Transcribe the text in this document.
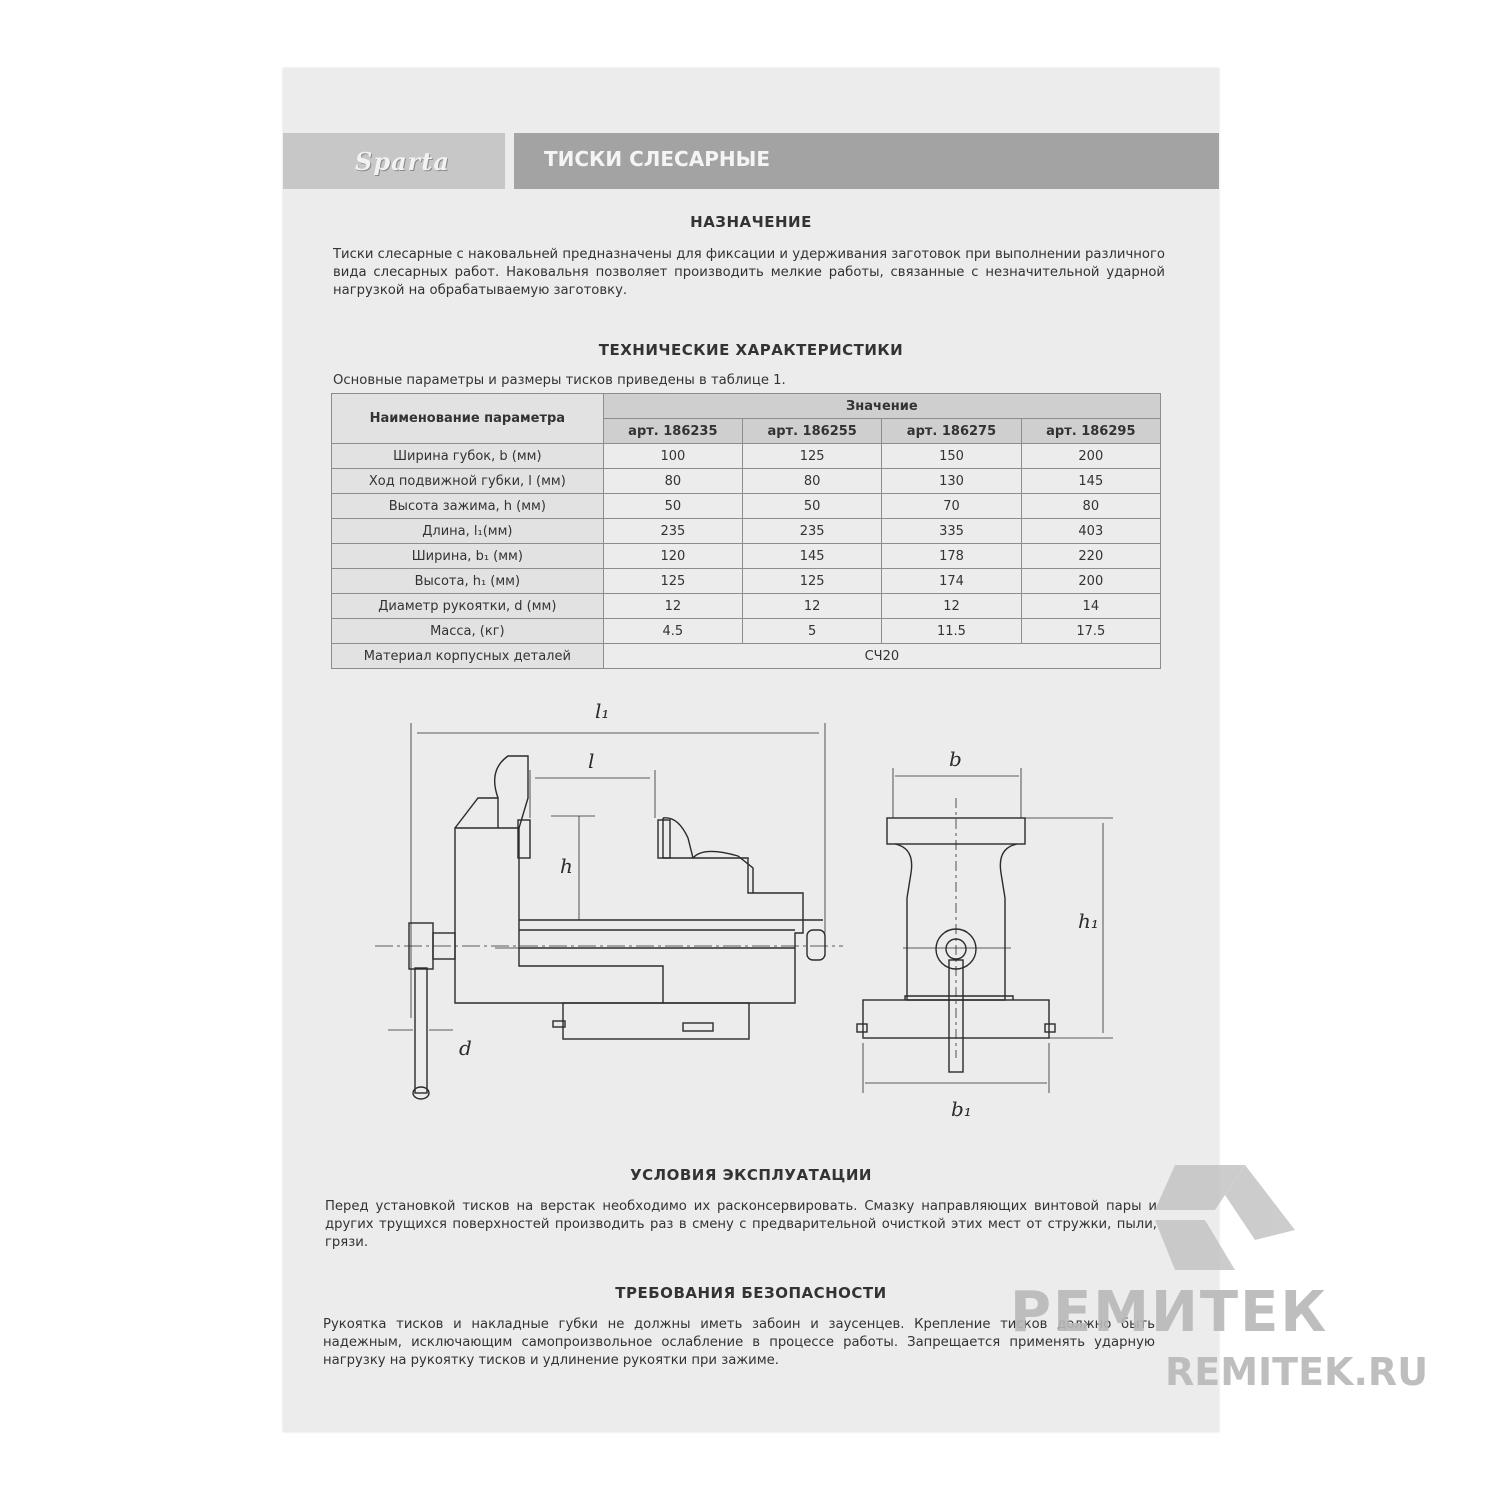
Sparta	ТИСКИ СЛЕСАРНЫЕ
НАЗНАЧЕНИЕ
Тиски слесарные с наковальней предназначены для фиксации и удерживания заготовок при выполнении различного вида слесарных работ. Наковальня позволяет производить мелкие работы, связанные с незначительной ударной нагрузкой на обрабатываемую заготовку.
ТЕХНИЧЕСКИЕ ХАРАКТЕРИСТИКИ
Основные параметры и размеры тисков приведены в таблице 1.
Наименование параметра	Значение			
	арт. 186235	арт. 186255	арт. 186275	арт. 186295
Ширина губок, b (мм)	100	125	150	200
Ход подвижной губки, l (мм)	80	80	130	145
Высота зажима, h (мм)	50	50	70	80
Длина, l₁(мм)	235	235	335	403
Ширина, b₁ (мм)	120	145	178	220
Высота, h₁ (мм)	125	125	174	200
Диаметр рукоятки, d (мм)	12	12	12	14
Масса, (кг)	4.5	5	11.5	17.5
Материал корпусных деталей	СЧ20			
l₁
l
h
d
b
h₁
b₁
УСЛОВИЯ ЭКСПЛУАТАЦИИ
Перед установкой тисков на верстак необходимо их расконсервировать. Смазку направляющих винтовой пары и других трущихся поверхностей производить раз в смену с предварительной очисткой этих мест от стружки, пыли, грязи.
ТРЕБОВАНИЯ БЕЗОПАСНОСТИ
Рукоятка тисков и накладные губки не должны иметь забоин и заусенцев. Крепление тисков должно быть надежным, исключающим самопроизвольное ослабление в процессе работы. Запрещается применять ударную нагрузку на рукоятку тисков и удлинение рукоятки при зажиме.
РЕМИТЕК
REMITEK.RU
